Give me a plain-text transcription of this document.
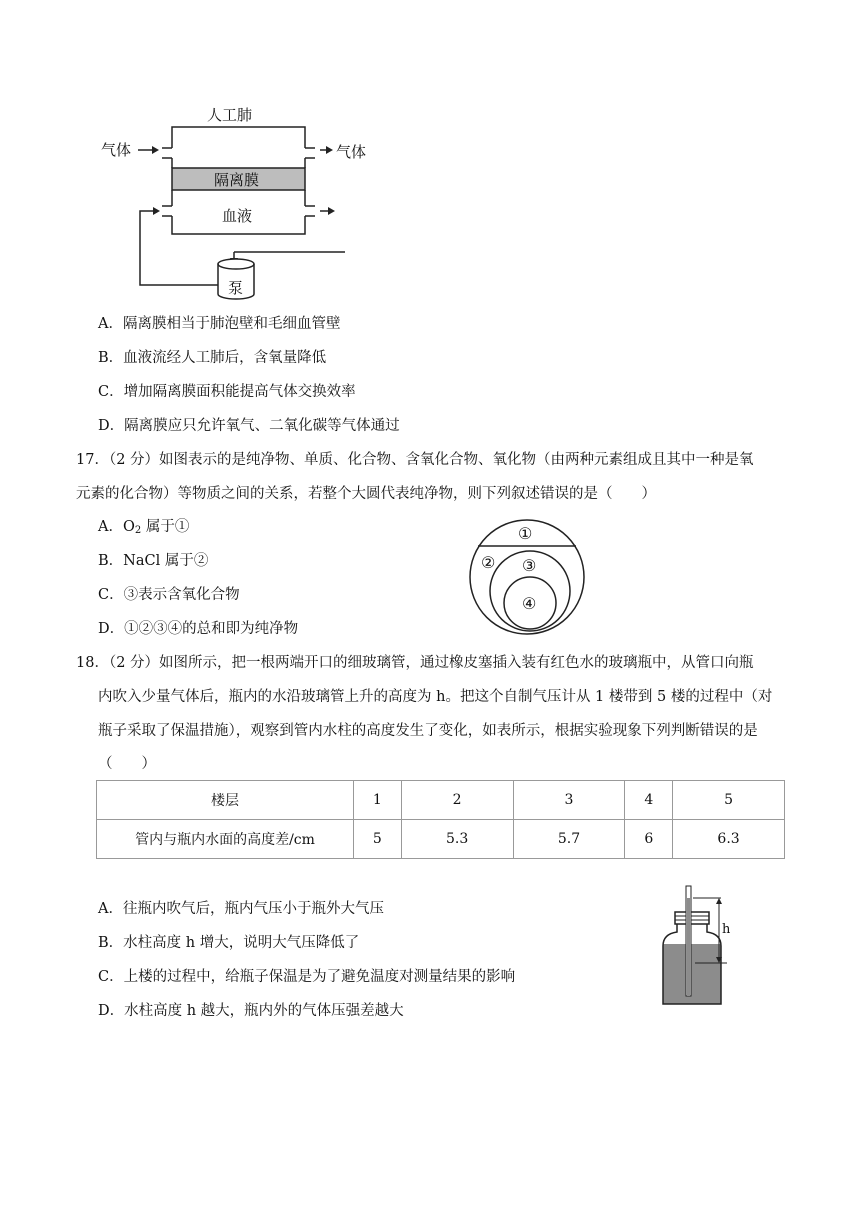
人工肺
气体	气体
隔离膜
血液
泵
A．隔离膜相当于肺泡壁和毛细血管壁
B．血液流经人工肺后，含氧量降低
C．增加隔离膜面积能提高气体交换效率
D．隔离膜应只允许氧气、二氧化碳等气体通过
17．（2 分）如图表示的是纯净物、单质、化合物、含氧化合物、氧化物（由两种元素组成且其中一种是氧
元素的化合物）等物质之间的关系，若整个大圆代表纯净物，则下列叙述错误的是（　　）
A．$O_2$ 属于①
B．NaCl 属于②
C．③表示含氧化合物
D．①②③④的总和即为纯净物
①
② ③
④
18．（2 分）如图所示，把一根两端开口的细玻璃管，通过橡皮塞插入装有红色水的玻璃瓶中，从管口向瓶
内吹入少量气体后，瓶内的水沿玻璃管上升的高度为 h。把这个自制气压计从 1 楼带到 5 楼的过程中（对
瓶子采取了保温措施），观察到管内水柱的高度发生了变化，如表所示，根据实验现象下列判断错误的是
（　　）
楼层	1	2	3	4	5
管内与瓶内水面的高度差/cm	5	5.3	5.7	6	6.3
A．往瓶内吹气后，瓶内气压小于瓶外大气压
B．水柱高度 h 增大，说明大气压降低了
C．上楼的过程中，给瓶子保温是为了避免温度对测量结果的影响
D．水柱高度 h 越大，瓶内外的气体压强差越大
h
